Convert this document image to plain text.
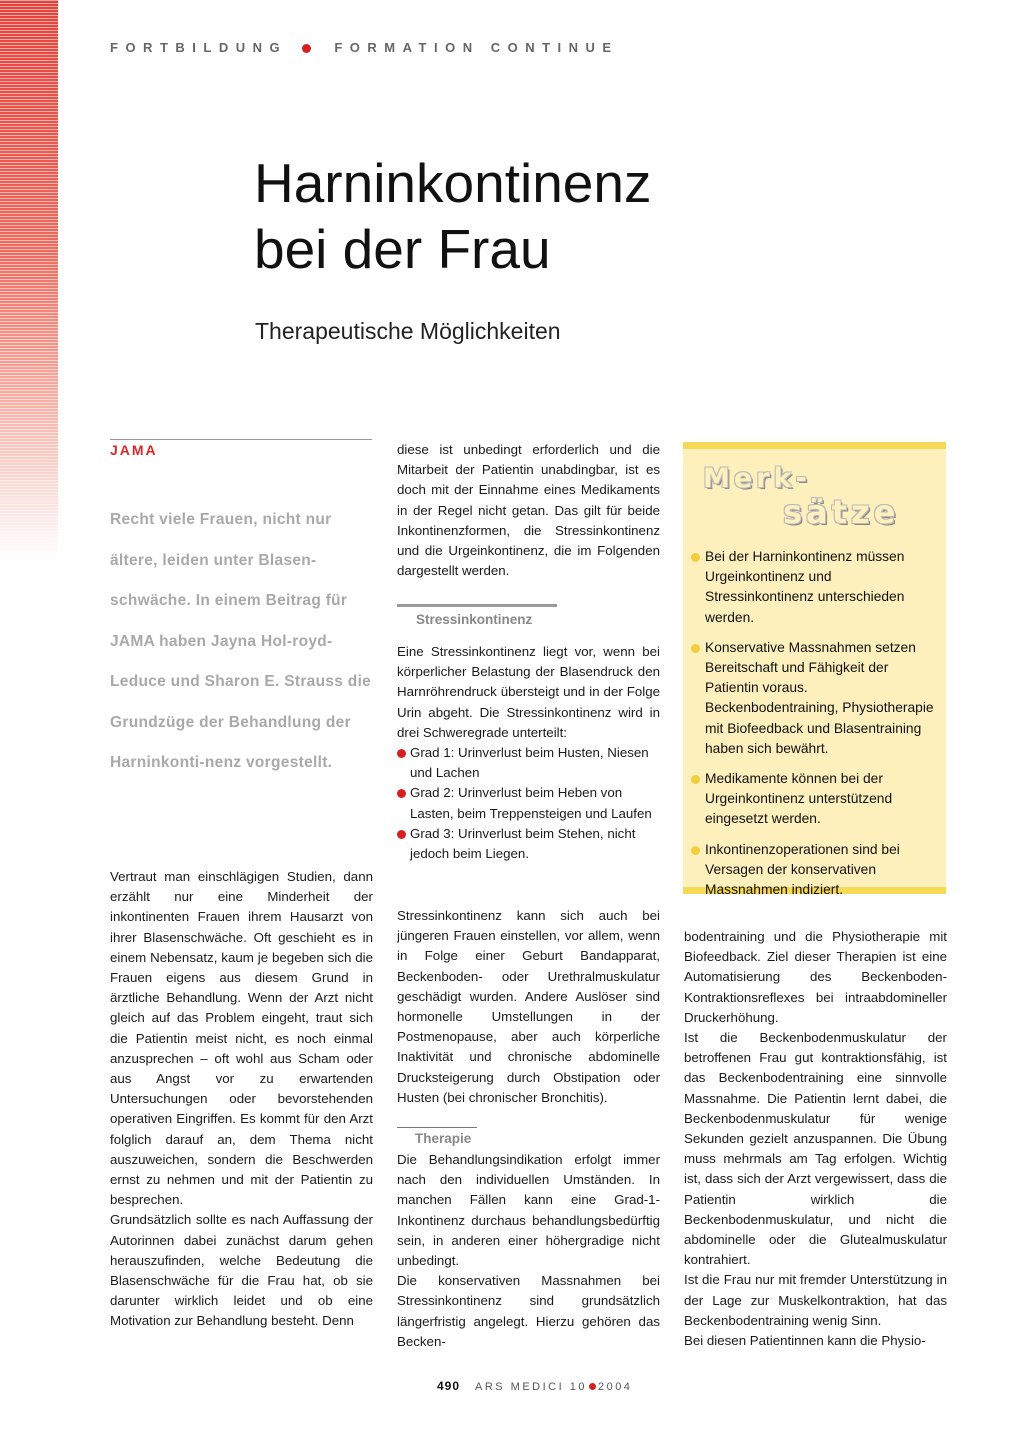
FORTBILDUNG	FORMATION CONTINUE
Harninkontinenz
bei der Frau
Therapeutische Möglichkeiten
JAMA
Recht viele Frauen, nicht nur ältere, leiden unter Blasen-schwäche. In einem Beitrag für JAMA haben Jayna Hol-royd-Leduce und Sharon E. Strauss die Grundzüge der Behandlung der Harninkonti-nenz vorgestellt.

Vertraut man einschlägigen Studien, dann erzählt nur eine Minderheit der inkontinenten Frauen ihrem Hausarzt von ihrer Blasenschwäche. Oft geschieht es in einem Nebensatz, kaum je begeben sich die Frauen eigens aus diesem Grund in ärztliche Behandlung. Wenn der Arzt nicht gleich auf das Problem eingeht, traut sich die Patientin meist nicht, es noch einmal anzusprechen – oft wohl aus Scham oder aus Angst vor zu erwartenden Untersuchungen oder bevorstehenden operativen Eingriffen. Es kommt für den Arzt folglich darauf an, dem Thema nicht auszuweichen, sondern die Beschwerden ernst zu nehmen und mit der Patientin zu besprechen.

Grundsätzlich sollte es nach Auffassung der Autorinnen dabei zunächst darum gehen herauszufinden, welche Bedeutung die Blasenschwäche für die Frau hat, ob sie darunter wirklich leidet und ob eine Motivation zur Behandlung besteht. Denn

diese ist unbedingt erforderlich und die Mitarbeit der Patientin unabdingbar, ist es doch mit der Einnahme eines Medikaments in der Regel nicht getan. Das gilt für beide Inkontinenzformen, die Stressinkontinenz und die Urgeinkontinenz, die im Folgenden dargestellt werden.

Stressinkontinenz

Eine Stressinkontinenz liegt vor, wenn bei körperlicher Belastung der Blasendruck den Harnröhrendruck übersteigt und in der Folge Urin abgeht. Die Stressinkontinenz wird in drei Schweregrade unterteilt:

Grad 1: Urinverlust beim Husten, Niesen und Lachen
Grad 2: Urinverlust beim Heben von Lasten, beim Treppensteigen und Laufen
Grad 3: Urinverlust beim Stehen, nicht jedoch beim Liegen.

Stressinkontinenz kann sich auch bei jüngeren Frauen einstellen, vor allem, wenn in Folge einer Geburt Bandapparat, Beckenboden- oder Urethralmuskulatur geschädigt wurden. Andere Auslöser sind hormonelle Umstellungen in der Postmenopause, aber auch körperliche Inaktivität und chronische abdominelle Drucksteigerung durch Obstipation oder Husten (bei chronischer Bronchitis).

Therapie

Die Behandlungsindikation erfolgt immer nach den individuellen Umständen. In manchen Fällen kann eine Grad-1-Inkontinenz durchaus behandlungsbedürftig sein, in anderen einer höhergradige nicht unbedingt.

Die konservativen Massnahmen bei Stressinkontinenz sind grundsätzlich längerfristig angelegt. Hierzu gehören das Becken-

Merk-
sätze
Bei der Harninkontinenz müssen Urgeinkontinenz und Stressinkontinenz unterschieden werden.
Konservative Massnahmen setzen Bereitschaft und Fähigkeit der Patientin voraus. Beckenbodentraining, Physiotherapie mit Biofeedback und Blasentraining haben sich bewährt.
Medikamente können bei der Urgeinkontinenz unterstützend eingesetzt werden.
Inkontinenzoperationen sind bei Versagen der konservativen Massnahmen indiziert.

bodentraining und die Physiotherapie mit Biofeedback. Ziel dieser Therapien ist eine Automatisierung des Beckenboden-Kontraktionsreflexes bei intraabdomineller Druckerhöhung.

Ist die Beckenbodenmuskulatur der betroffenen Frau gut kontraktionsfähig, ist das Beckenbodentraining eine sinnvolle Massnahme. Die Patientin lernt dabei, die Beckenbodenmuskulatur für wenige Sekunden gezielt anzuspannen. Die Übung muss mehrmals am Tag erfolgen. Wichtig ist, dass sich der Arzt vergewissert, dass die Patientin wirklich die Beckenbodenmuskulatur, und nicht die abdominelle oder die Glutealmuskulatur kontrahiert.

Ist die Frau nur mit fremder Unterstützung in der Lage zur Muskelkontraktion, hat das Beckenbodentraining wenig Sinn.

Bei diesen Patientinnen kann die Physio-

490 ARS MEDICI 10 2004
